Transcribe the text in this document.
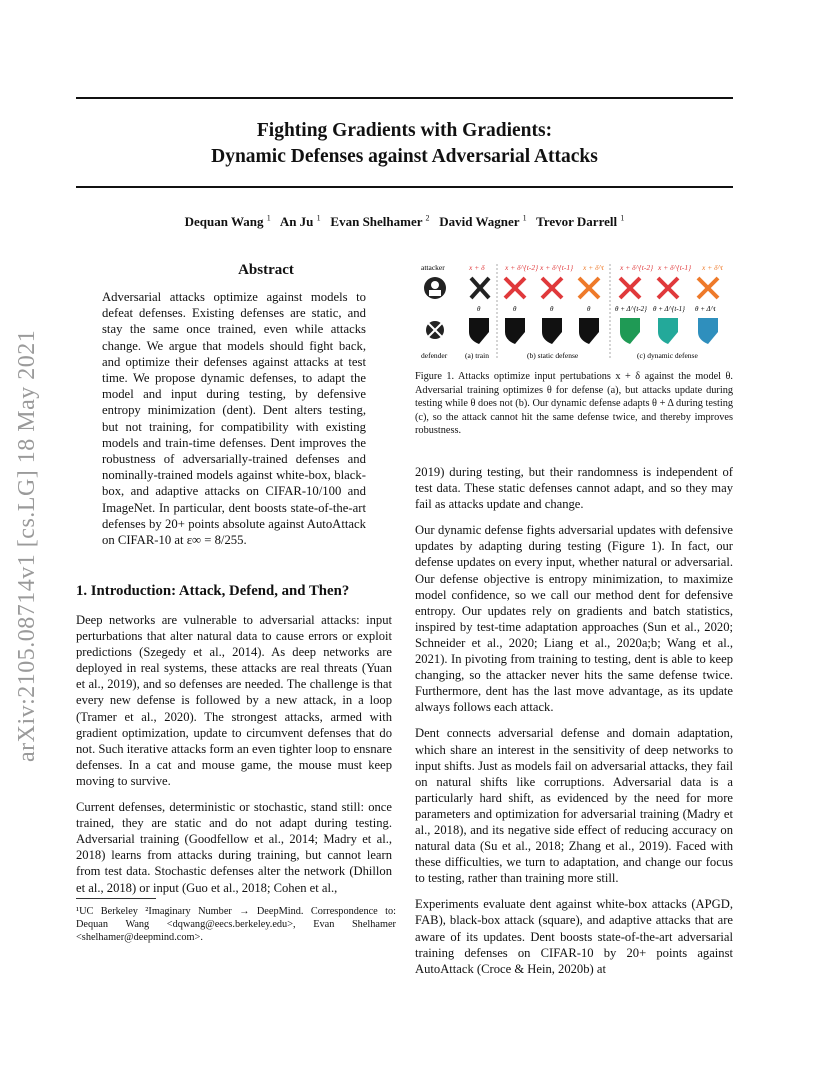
Fighting Gradients with Gradients:
Dynamic Defenses against Adversarial Attacks
Dequan Wang $^1$ An Ju $^1$ Evan Shelhamer $^2$ David Wagner $^1$ Trevor Darrell $^1$
arXiv:2105.08714v1 [cs.LG] 18 May 2021
Abstract
Adversarial attacks optimize against models to defeat defenses. Existing defenses are static, and stay the same once trained, even while attacks change. We argue that models should fight back, and optimize their defenses against attacks at test time. We propose dynamic defenses, to adapt the model and input during testing, by defensive entropy minimization (dent). Dent alters testing, but not training, for compatibility with existing models and train-time defenses. Dent improves the robustness of adversarially-trained defenses and nominally-trained models against white-box, black-box, and adaptive attacks on CIFAR-10/100 and ImageNet. In particular, dent boosts state-of-the-art defenses by 20+ points absolute against AutoAttack on CIFAR-10 at ε∞ = 8/255.
1. Introduction: Attack, Defend, and Then?

Deep networks are vulnerable to adversarial attacks: input perturbations that alter natural data to cause errors or exploit predictions (Szegedy et al., 2014). As deep networks are deployed in real systems, these attacks are real threats (Yuan et al., 2019), and so defenses are needed. The challenge is that every new defense is followed by a new attack, in a loop (Tramer et al., 2020). The strongest attacks, armed with gradient optimization, update to circumvent defenses that do not. Such iterative attacks form an even tighter loop to ensnare defenses. In a cat and mouse game, the mouse must keep moving to survive.

Current defenses, deterministic or stochastic, stand still: once trained, they are static and do not adapt during testing. Adversarial training (Goodfellow et al., 2014; Madry et al., 2018) learns from attacks during training, but cannot learn from test data. Stochastic defenses alter the network (Dhillon et al., 2018) or input (Guo et al., 2018; Cohen et al.,

¹UC Berkeley ²Imaginary Number → DeepMind. Correspondence to: Dequan Wang <dqwang@eecs.berkeley.edu>, Evan Shelhamer <shelhamer@deepmind.com>.
attacker
defender
x + δ	x + δ^{t-2} x + δ^{t-1} x + δ^t x + δ^{t-2} x + δ^{t-1} x + δ^t
θ	θ	θ	θ	θ + Δ^{t-2} θ + Δ^{t-1} θ + Δ^t
(a) train	(b) static defense	(c) dynamic defense
Figure 1. Attacks optimize input pertubations x + δ against the model θ. Adversarial training optimizes θ for defense (a), but attacks update during testing while θ does not (b). Our dynamic defense adapts θ + Δ during testing (c), so the attack cannot hit the same defense twice, and thereby improves robustness.

2019) during testing, but their randomness is independent of test data. These static defenses cannot adapt, and so they may fail as attacks update and change.

Our dynamic defense fights adversarial updates with defensive updates by adapting during testing (Figure 1). In fact, our defense updates on every input, whether natural or adversarial. Our defense objective is entropy minimization, to maximize model confidence, so we call our method dent for defensive entropy. Our updates rely on gradients and batch statistics, inspired by test-time adaptation approaches (Sun et al., 2020; Schneider et al., 2020; Liang et al., 2020a;b; Wang et al., 2021). In pivoting from training to testing, dent is able to keep changing, so the attacker never hits the same defense twice. Furthermore, dent has the last move advantage, as its update always follows each attack.

Dent connects adversarial defense and domain adaptation, which share an interest in the sensitivity of deep networks to input shifts. Just as models fail on adversarial attacks, they fail on natural shifts like corruptions. Adversarial data is a particularly hard shift, as evidenced by the need for more parameters and optimization for adversarial training (Madry et al., 2018), and its negative side effect of reducing accuracy on natural data (Su et al., 2018; Zhang et al., 2019). Faced with these difficulties, we turn to adaptation, and change our focus to testing, rather than training more still.

Experiments evaluate dent against white-box attacks (APGD, FAB), black-box attack (square), and adaptive attacks that are aware of its updates. Dent boosts state-of-the-art adversarial training defenses on CIFAR-10 by 20+ points against AutoAttack (Croce & Hein, 2020b) at
